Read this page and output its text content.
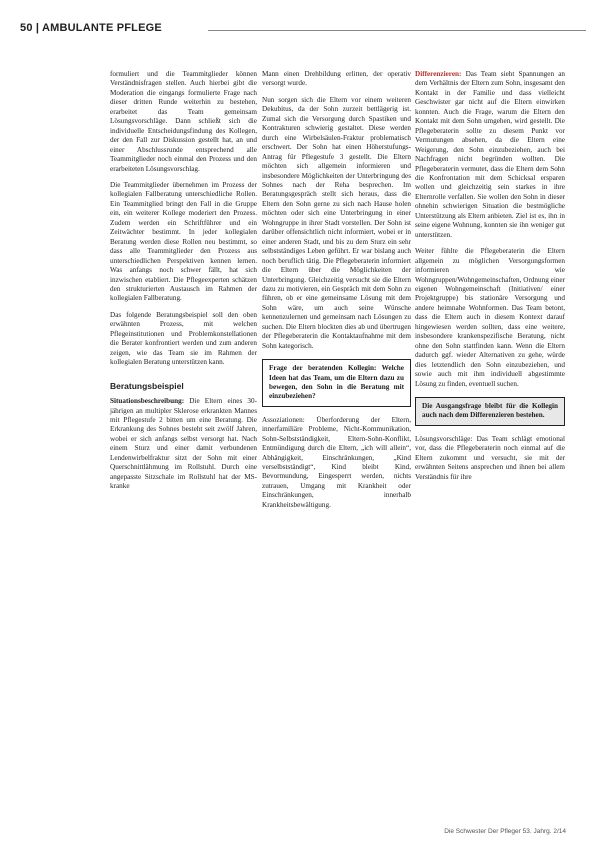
50 | AMBULANTE PFLEGE

formuliert und die Teammitglieder können Verständnisfragen stellen. Auch hierbei gibt die Moderation die eingangs formulierte Frage nach dieser dritten Runde weiterhin zu bestehen, erarbeitet das Team gemeinsam Lösungsvorschläge. Dann schließt sich die individuelle Entscheidungsfindung des Kollegen, der den Fall zur Diskussion gestellt hat, an und einer Abschlussrunde entsprechend alle Teammitglieder noch einmal den Prozess und den erarbeiteten Lösungsvorschlag.

Die Teammitglieder übernehmen im Prozess der kollegialen Fallberatung unterschiedliche Rollen. Ein Teammitglied bringt den Fall in die Gruppe ein, ein weiterer Kollege moderiert den Prozess. Zudem werden ein Schriftführer und ein Zeitwächter bestimmt. In jeder kollegialen Beratung werden diese Rollen neu bestimmt, so dass alle Teammitglieder den Prozess aus unterschiedlichen Perspektiven kennen lernen. Was anfangs noch schwer fällt, hat sich inzwischen etabliert. Die Pflegeexperten schätzen den strukturierten Austausch im Rahmen der kollegialen Fallberatung.

Das folgende Beratungsbeispiel soll den oben erwähnten Prozess, mit welchen Pflegeinstitutionen und Problemkonstellationen die Berater konfrontiert werden und zum anderen zeigen, wie das Team sie im Rahmen der kollegialen Beratung unterstützen kann.

Beratungsbeispiel

Situationsbeschreibung: Die Eltern eines 30-jährigen an multipler Sklerose erkrankten Mannes mit Pflegestufe 2 bitten um eine Beratung. Die Erkrankung des Sohnes besteht seit zwölf Jahren, wobei er sich anfangs selbst versorgt hat. Nach einem Sturz und einer damit verbundenen Lendenwirbelfraktur sitzt der Sohn mit einer Querschnittlähmung im Rollstuhl. Durch eine angepasste Sitzschale im Rollstuhl hat der MS-kranke

Mann einen Drehbildung erlitten, der operativ versorgt wurde.

Nun sorgen sich die Eltern vor einem weiteren Dekubitus, da der Sohn zurzeit bettlägerig ist. Zumal sich die Versorgung durch Spastiken und Kontrakturen schwierig gestaltet. Diese werden durch eine Wirbelsäulen-Fraktur problematisch erschwert. Der Sohn hat einen Höherstufungs-Antrag für Pflegestufe 3 gestellt. Die Eltern möchten sich allgemein informieren und insbesondere Möglichkeiten der Unterbringung des Sohnes nach der Reha besprechen. Im Beratungsgespräch stellt sich heraus, dass die Eltern den Sohn gerne zu sich nach Hause holen möchten oder sich eine Unterbringung in einer Wohngruppe in ihrer Stadt vorstellen. Der Sohn ist darüber offensichtlich nicht informiert, wobei er in einer anderen Stadt, und bis zu dem Sturz ein sehr selbstständiges Leben geführt. Er war bislang auch noch beruflich tätig. Die Pflegeberaterin informiert die Eltern über die Möglichkeiten der Unterbringung. Gleichzeitig versucht sie die Eltern dazu zu motivieren, ein Gespräch mit dem Sohn zu führen, ob er eine gemeinsame Lösung mit dem Sohn wäre, um auch seine Wünsche kennenzulernen und gemeinsam nach Lösungen zu suchen. Die Eltern blockten dies ab und übertrugen der Pflegeberaterin die Kontaktaufnahme mit dem Sohn kategorisch.

Frage der beratenden Kollegin: Welche Ideen hat das Team, um die Eltern dazu zu bewegen, den Sohn in die Beratung mit einzubeziehen?

Assoziationen: Überforderung der Eltern, innerfamiliäre Probleme, Nicht-Kommunikation, Sohn-Selbstständigkeit, Eltern-Sohn-Konflikt, Entmündigung durch die Eltern, „ich will allein“, Abhängigkeit, Einschränkungen, „Kind verselbstständigt“, Kind bleibt Kind, Bevormundung, Eingesperrt werden, nichts zutrauen, Umgang mit Krankheit oder Einschränkungen, innerhalb Krankheitsbewältigung.

Differenzieren: Das Team sieht Spannungen an dem Verhältnis der Eltern zum Sohn, insgesamt den Kontakt in der Familie und dass vielleicht Geschwister gar nicht auf die Eltern einwirken konnten. Auch die Frage, warum die Eltern den Kontakt mit dem Sohn umgehen, wird gestellt. Die Pflegeberaterin sollte zu diesem Punkt vor Vermutungen absehen, da die Eltern eine Weigerung, den Sohn einzubeziehen, auch bei Nachfragen nicht begründen wollten. Die Pflegeberaterin vermutet, dass die Eltern dem Sohn die Konfrontation mit dem Schicksal ersparen wollen und gleichzeitig sein starkes in ihre Elternrolle verfallen. Sie wollen den Sohn in dieser ohnehin schwierigen Situation die bestmögliche Unterstützung als Eltern anbieten. Ziel ist es, ihn in seine eigene Wohnung, konnten sie ihn weniger gut unterstützen.

Weiter fühlte die Pflegeberaterin die Eltern allgemein zu möglichen Versorgungsformen informieren wie Wohngruppen/Wohngemeinschaften, Ordnung einer eigenen Wohngemeinschaft (Initiativen/ einer Projektgruppe) bis stationäre Versorgung und andere heimnahe Wohnformen. Das Team betont, dass die Eltern auch in diesem Kontext darauf hingewiesen werden sollten, dass eine weitere, insbesondere krankenspezifische Beratung, nicht ohne den Sohn stattfinden kann. Wenn die Eltern dadurch ggf. wieder Alternativen zu gehe, würde dies letztendlich den Sohn einzubeziehen, und sowie auch mit ihm individuell abgestimmte Lösung zu finden, eventuell suchen.

Die Ausgangsfrage bleibt für die Kollegin auch nach dem Differenzieren bestehen.

Lösungsvorschläge: Das Team schlägt emotional vor, dass die Pflegeberaterin noch einmal auf die Eltern zukommt und versucht, sie mit der erwähnten Seitens ansprechen und ihnen bei allem Verständnis für ihre

Die Schwester Der Pfleger 53. Jahrg. 2/14
